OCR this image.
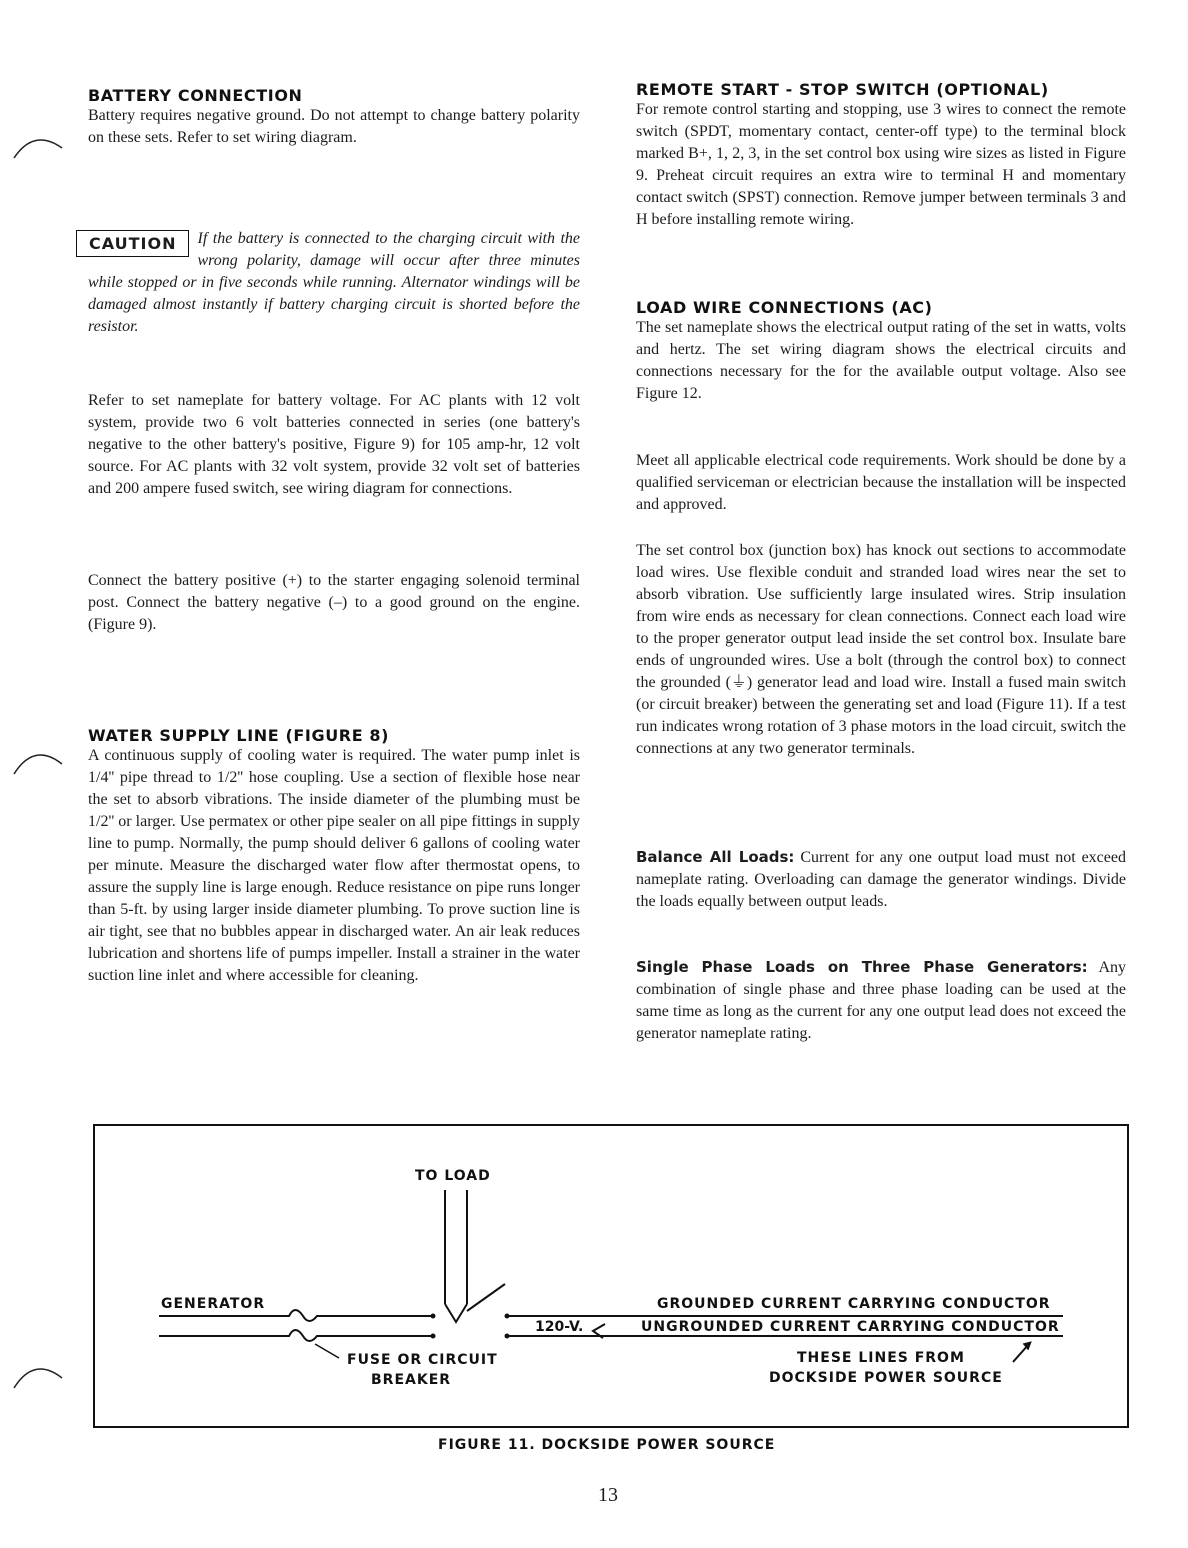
BATTERY CONNECTION

Battery requires negative ground. Do not attempt to change battery polarity on these sets. Refer to set wiring diagram.

CAUTION	If the battery is connected to the charging circuit with the wrong polarity, damage will occur after three minutes while stopped or in five seconds while running. Alternator windings will be damaged almost instantly if battery charging circuit is shorted before the resistor.

Refer to set nameplate for battery voltage. For AC plants with 12 volt system, provide two 6 volt batteries connected in series (one battery's negative to the other battery's positive, Figure 9) for 105 amp-hr, 12 volt source. For AC plants with 32 volt system, provide 32 volt set of batteries and 200 ampere fused switch, see wiring diagram for connections.

Connect the battery positive (+) to the starter engaging solenoid terminal post. Connect the battery negative (–) to a good ground on the engine. (Figure 9).

WATER SUPPLY LINE (FIGURE 8)

A continuous supply of cooling water is required. The water pump inlet is 1/4'' pipe thread to 1/2'' hose coupling. Use a section of flexible hose near the set to absorb vibrations. The inside diameter of the plumbing must be 1/2'' or larger. Use permatex or other pipe sealer on all pipe fittings in supply line to pump. Normally, the pump should deliver 6 gallons of cooling water per minute. Measure the discharged water flow after thermostat opens, to assure the supply line is large enough. Reduce resistance on pipe runs longer than 5-ft. by using larger inside diameter plumbing. To prove suction line is air tight, see that no bubbles appear in discharged water. An air leak reduces lubrication and shortens life of pumps impeller. Install a strainer in the water suction line inlet and where accessible for cleaning.

REMOTE START - STOP SWITCH (OPTIONAL)

For remote control starting and stopping, use 3 wires to connect the remote switch (SPDT, momentary contact, center-off type) to the terminal block marked B+, 1, 2, 3, in the set control box using wire sizes as listed in Figure 9. Preheat circuit requires an extra wire to terminal H and momentary contact switch (SPST) connection. Remove jumper between terminals 3 and H before installing remote wiring.

LOAD WIRE CONNECTIONS (AC)

The set nameplate shows the electrical output rating of the set in watts, volts and hertz. The set wiring diagram shows the electrical circuits and connections necessary for the for the available output voltage. Also see Figure 12.

Meet all applicable electrical code requirements. Work should be done by a qualified serviceman or electrician because the installation will be inspected and approved.

The set control box (junction box) has knock out sections to accommodate load wires. Use flexible conduit and stranded load wires near the set to absorb vibration. Use sufficiently large insulated wires. Strip insulation from wire ends as necessary for clean connections. Connect each load wire to the proper generator output lead inside the set control box. Insulate bare ends of ungrounded wires. Use a bolt (through the control box) to connect the grounded (⏚) generator lead and load wire. Install a fused main switch (or circuit breaker) between the generating set and load (Figure 11). If a test run indicates wrong rotation of 3 phase motors in the load circuit, switch the connections at any two generator terminals.

Balance All Loads: Current for any one output load must not exceed nameplate rating. Overloading can damage the generator windings. Divide the loads equally between output leads.

Single Phase Loads on Three Phase Generators: Any combination of single phase and three phase loading can be used at the same time as long as the current for any one output lead does not exceed the generator nameplate rating.

TO LOAD
GENERATOR
FUSE OR CIRCUIT
BREAKER
120-V.
GROUNDED CURRENT CARRYING CONDUCTOR
UNGROUNDED CURRENT CARRYING CONDUCTOR
THESE LINES FROM
DOCKSIDE POWER SOURCE
FIGURE 11. DOCKSIDE POWER SOURCE
13
